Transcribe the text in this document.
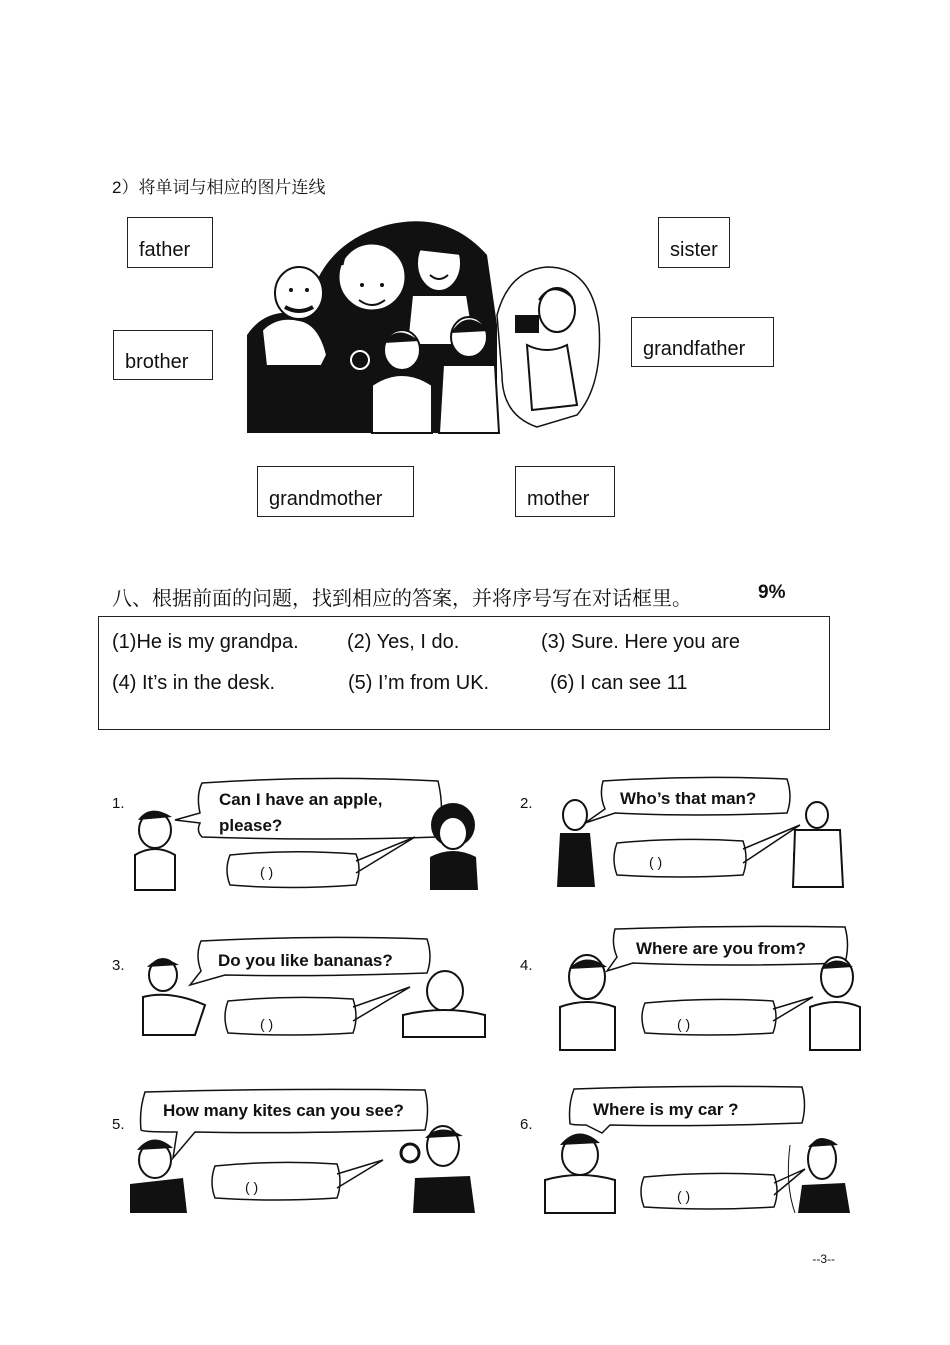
2）将单词与相应的图片连线
father	sister
brother
grandfather
grandmother	mother
八、根据前面的问题，找到相应的答案，并将序号写在对话框里。	9%
(1)He is my grandpa. (2) Yes, I do.	(3) Sure. Here you are
(4) It’s in the desk.	(5) I’m from UK.	(6) I can see 11
1.	Can I have an apple,
please?
( )
2.	Who’s that man?
( )
3.	Do you like bananas?
( )
4.
Where are you from?
( )
5.
How many kites can you see?
( )
6.
Where is my car ?
( )
--3--
